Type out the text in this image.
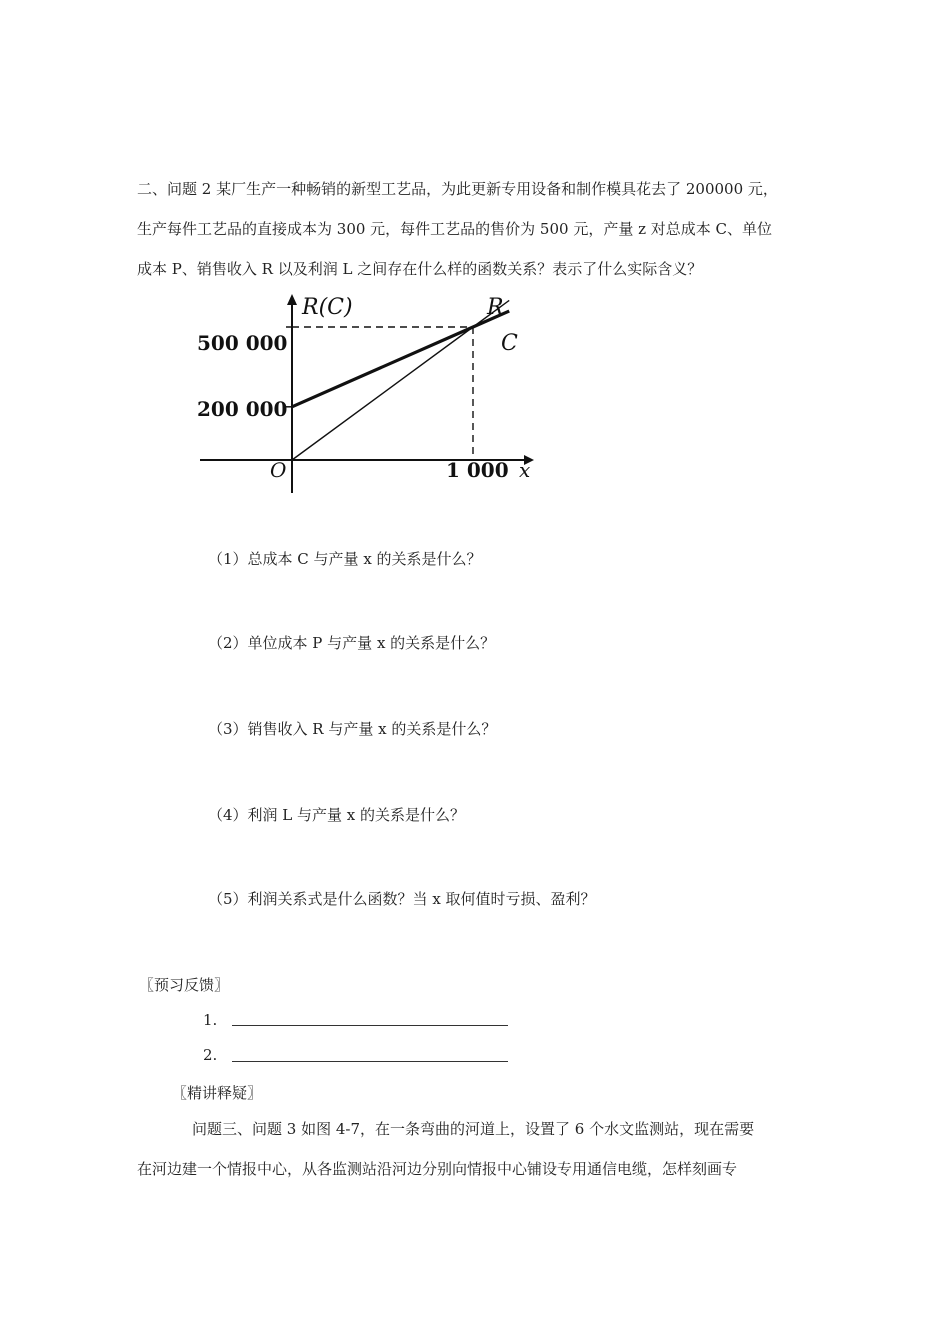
二、问题 2 某厂生产一种畅销的新型工艺品，为此更新专用设备和制作模具花去了 200000 元，
生产每件工艺品的直接成本为 300 元，每件工艺品的售价为 500 元，产量 z 对总成本 C、单位
成本 P、销售收入 R 以及利润 L 之间存在什么样的函数关系？表示了什么实际含义？
R(C)
x
O
200 000
500 000
1 000
R
C
（1）总成本 C 与产量 x 的关系是什么？
（2）单位成本 P 与产量 x 的关系是什么？
（3）销售收入 R 与产量 x 的关系是什么？
（4）利润 L 与产量 x 的关系是什么？
（5）利润关系式是什么函数？当 x 取何值时亏损、盈利？
〖预习反馈〗
1.
2.
〖精讲释疑〗
问题三、问题 3 如图 4-7，在一条弯曲的河道上，设置了 6 个水文监测站，现在需要
在河边建一个情报中心，从各监测站沿河边分别向情报中心铺设专用通信电缆，怎样刻画专
